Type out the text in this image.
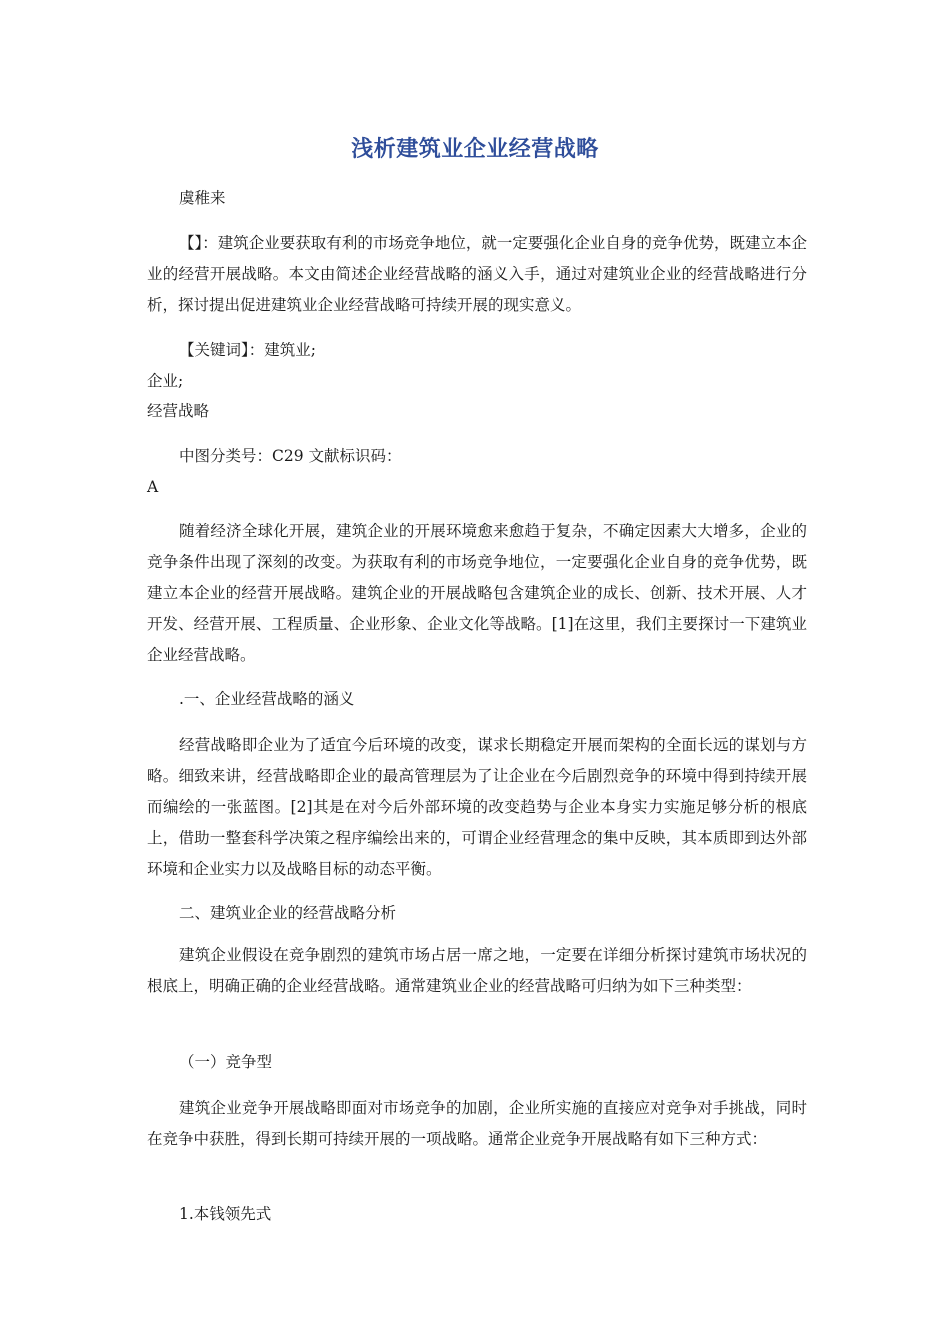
浅析建筑业企业经营战略
虞稚来
【】：建筑企业要获取有利的市场竞争地位，就一定要强化企业自身的竞争优势，既建立本企业的经营开展战略。本文由简述企业经营战略的涵义入手，通过对建筑业企业的经营战略进行分析，探讨提出促进建筑业企业经营战略可持续开展的现实意义。
【关键词】：建筑业;
企业;
经营战略
中图分类号：C29 文献标识码：
A
随着经济全球化开展，建筑企业的开展环境愈来愈趋于复杂，不确定因素大大增多，企业的竞争条件出现了深刻的改变。为获取有利的市场竞争地位，一定要强化企业自身的竞争优势，既建立本企业的经营开展战略。建筑企业的开展战略包含建筑企业的成长、创新、技术开展、人才开发、经营开展、工程质量、企业形象、企业文化等战略。[1]在这里，我们主要探讨一下建筑业企业经营战略。
.一、企业经营战略的涵义
经营战略即企业为了适宜今后环境的改变，谋求长期稳定开展而架构的全面长远的谋划与方略。细致来讲，经营战略即企业的最高管理层为了让企业在今后剧烈竞争的环境中得到持续开展而编绘的一张蓝图。[2]其是在对今后外部环境的改变趋势与企业本身实力实施足够分析的根底上，借助一整套科学决策之程序编绘出来的，可谓企业经营理念的集中反映，其本质即到达外部环境和企业实力以及战略目标的动态平衡。
二、建筑业企业的经营战略分析
建筑企业假设在竞争剧烈的建筑市场占居一席之地，一定要在详细分析探讨建筑市场状况的根底上，明确正确的企业经营战略。通常建筑业企业的经营战略可归纳为如下三种类型：
（一）竞争型
建筑企业竞争开展战略即面对市场竞争的加剧，企业所实施的直接应对竞争对手挑战，同时在竞争中获胜，得到长期可持续开展的一项战略。通常企业竞争开展战略有如下三种方式：
1.本钱领先式
